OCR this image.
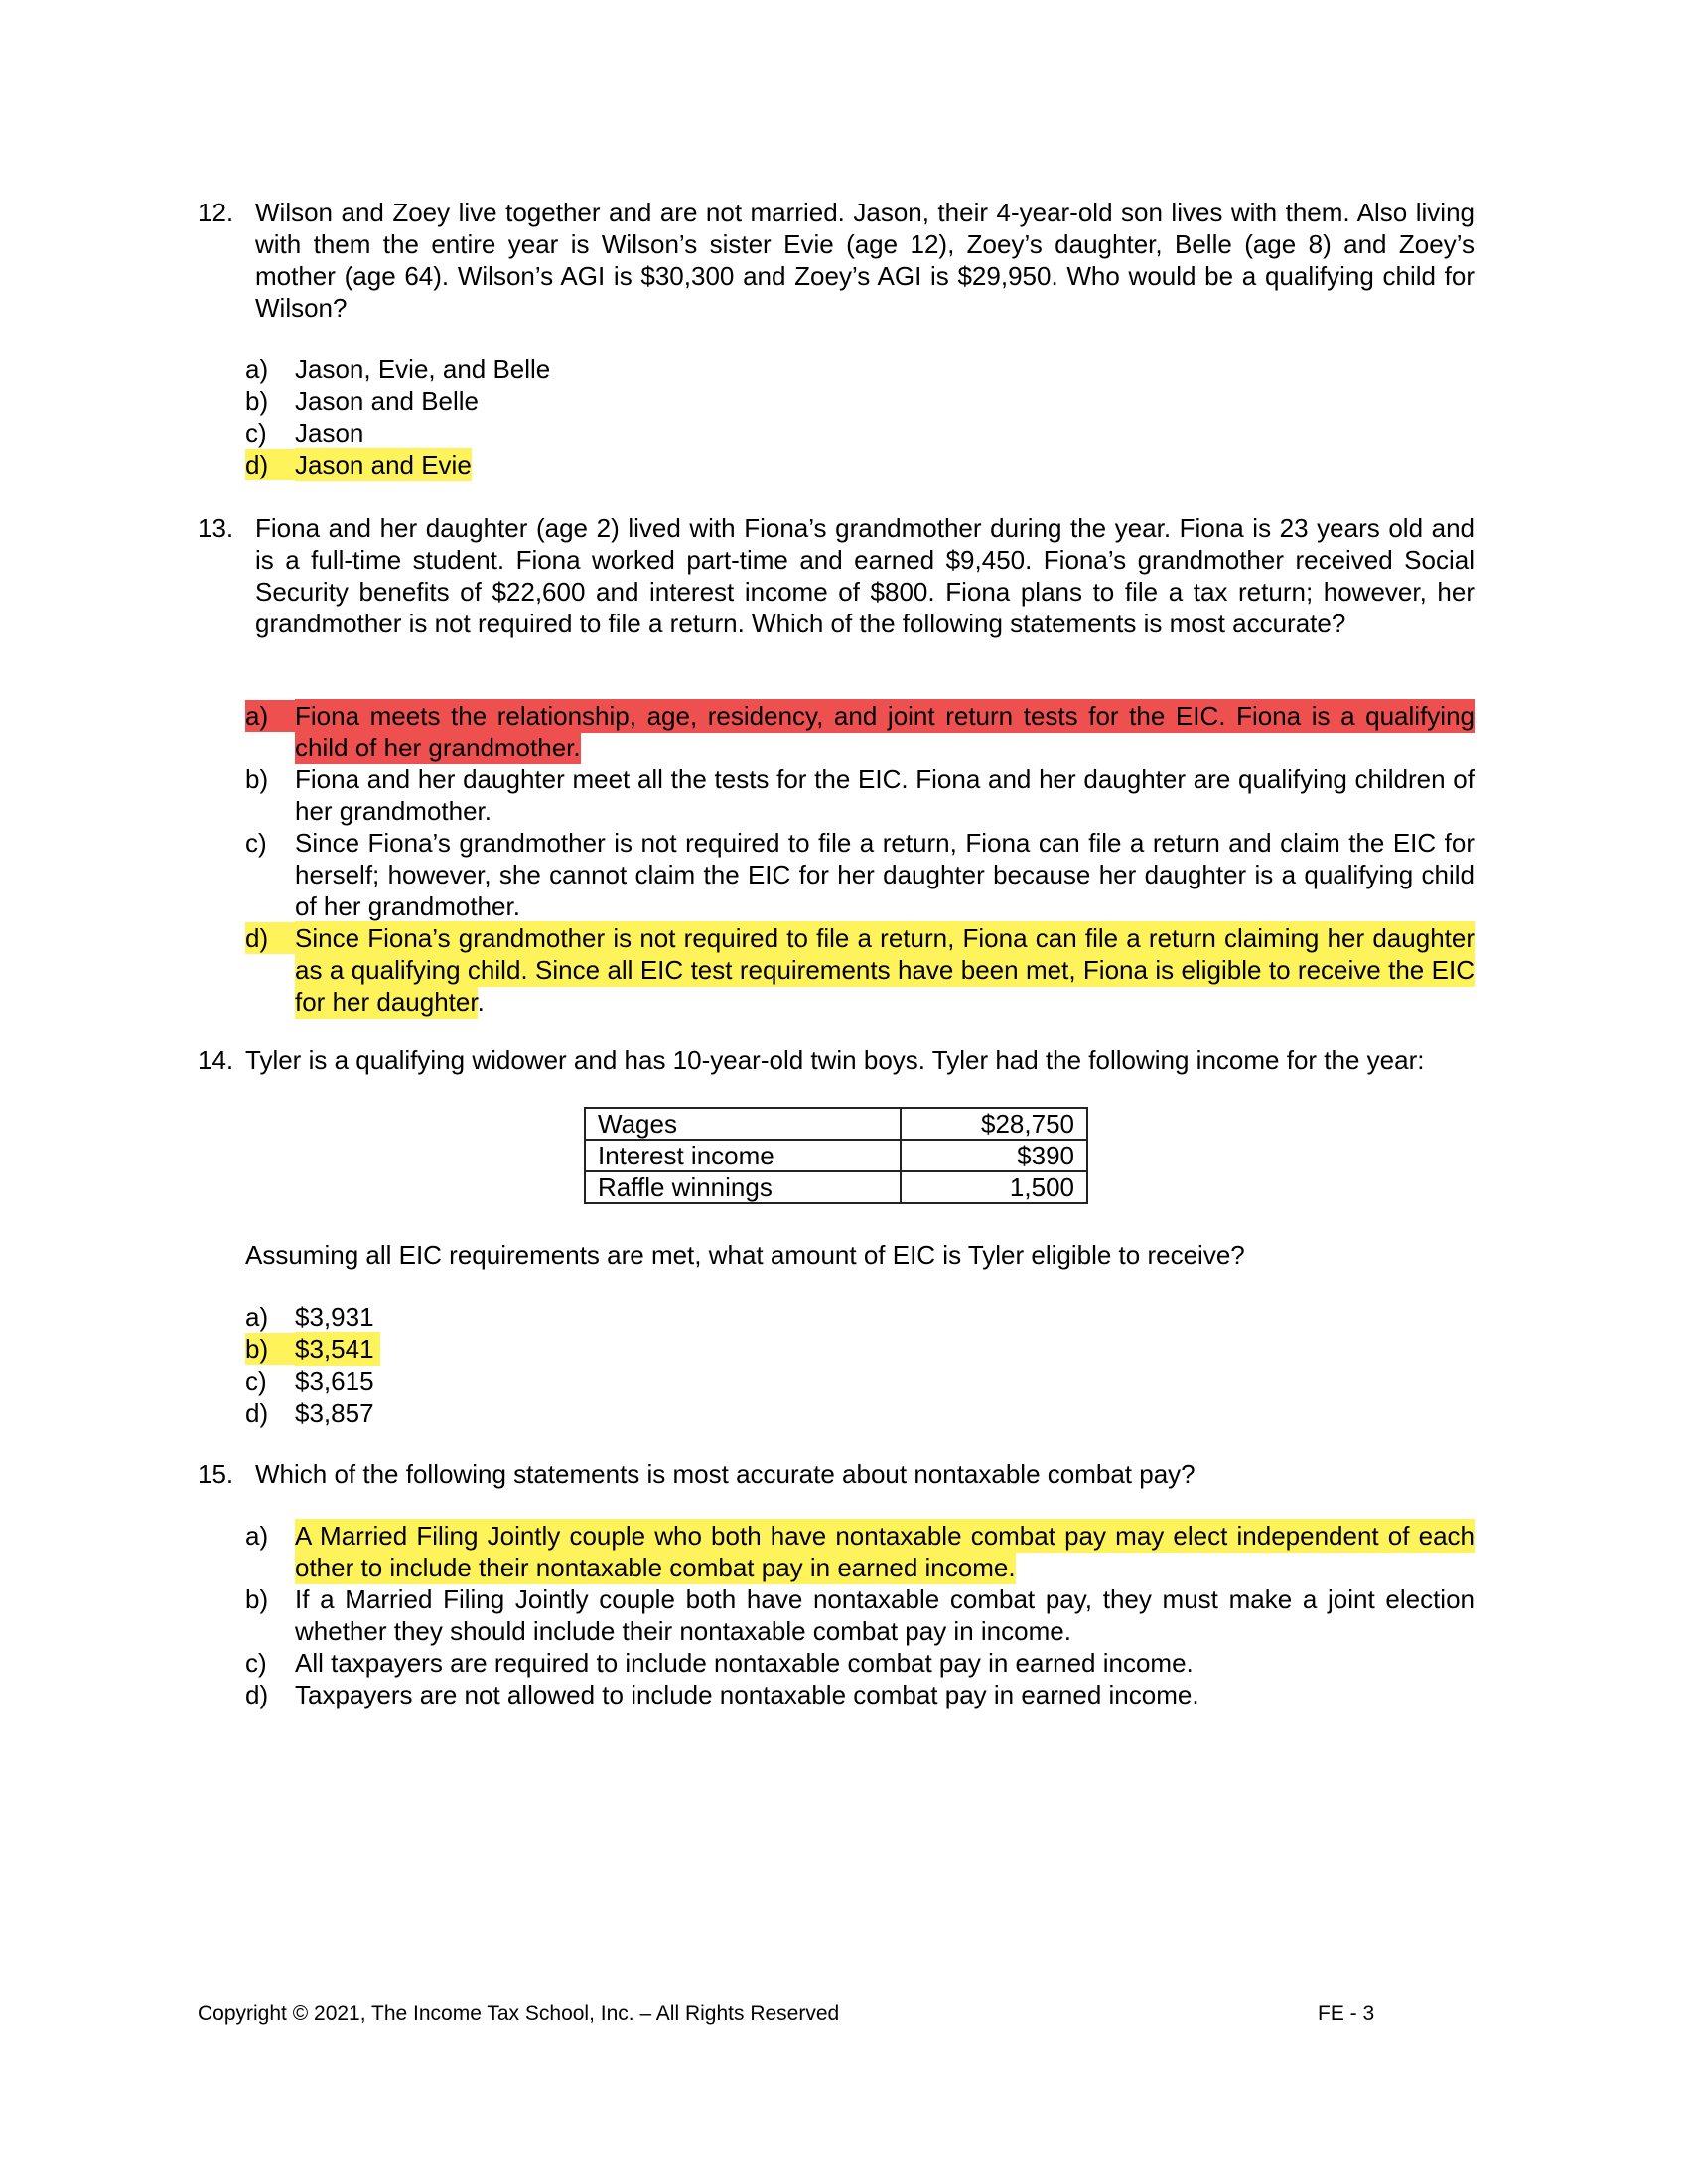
12. Wilson and Zoey live together and are not married. Jason, their 4-year-old son lives with them. Also living with them the entire year is Wilson’s sister Evie (age 12), Zoey’s daughter, Belle (age 8) and Zoey’s mother (age 64). Wilson’s AGI is $30,300 and Zoey’s AGI is $29,950. Who would be a qualifying child for Wilson?
a)	Jason, Evie, and Belle
b)	Jason and Belle
c)	Jason
d)	Jason and Evie
13. Fiona and her daughter (age 2) lived with Fiona’s grandmother during the year. Fiona is 23 years old and is a full-time student. Fiona worked part-time and earned $9,450. Fiona’s grandmother received Social Security benefits of $22,600 and interest income of $800. Fiona plans to file a tax return; however, her grandmother is not required to file a return. Which of the following statements is most accurate?
a)	Fiona meets the relationship, age, residency, and joint return tests for the EIC. Fiona is a qualifying child of her grandmother.
b)	Fiona and her daughter meet all the tests for the EIC. Fiona and her daughter are qualifying children of her grandmother.
c)	Since Fiona’s grandmother is not required to file a return, Fiona can file a return and claim the EIC for herself; however, she cannot claim the EIC for her daughter because her daughter is a qualifying child of her grandmother.
d)	Since Fiona’s grandmother is not required to file a return, Fiona can file a return claiming her daughter as a qualifying child. Since all EIC test requirements have been met, Fiona is eligible to receive the EIC for her daughter.
14. Tyler is a qualifying widower and has 10-year-old twin boys. Tyler had the following income for the year:
Wages	$28,750
Interest income	$390
Raffle winnings	1,500
Assuming all EIC requirements are met, what amount of EIC is Tyler eligible to receive?
a)	$3,931
b)	$3,541
c)	$3,615
d)	$3,857
15. Which of the following statements is most accurate about nontaxable combat pay?
a)	A Married Filing Jointly couple who both have nontaxable combat pay may elect independent of each other to include their nontaxable combat pay in earned income.
b)	If a Married Filing Jointly couple both have nontaxable combat pay, they must make a joint election whether they should include their nontaxable combat pay in income.
c)	All taxpayers are required to include nontaxable combat pay in earned income.
d)	Taxpayers are not allowed to include nontaxable combat pay in earned income.
Copyright © 2021, The Income Tax School, Inc. – All Rights Reserved	FE - 3
